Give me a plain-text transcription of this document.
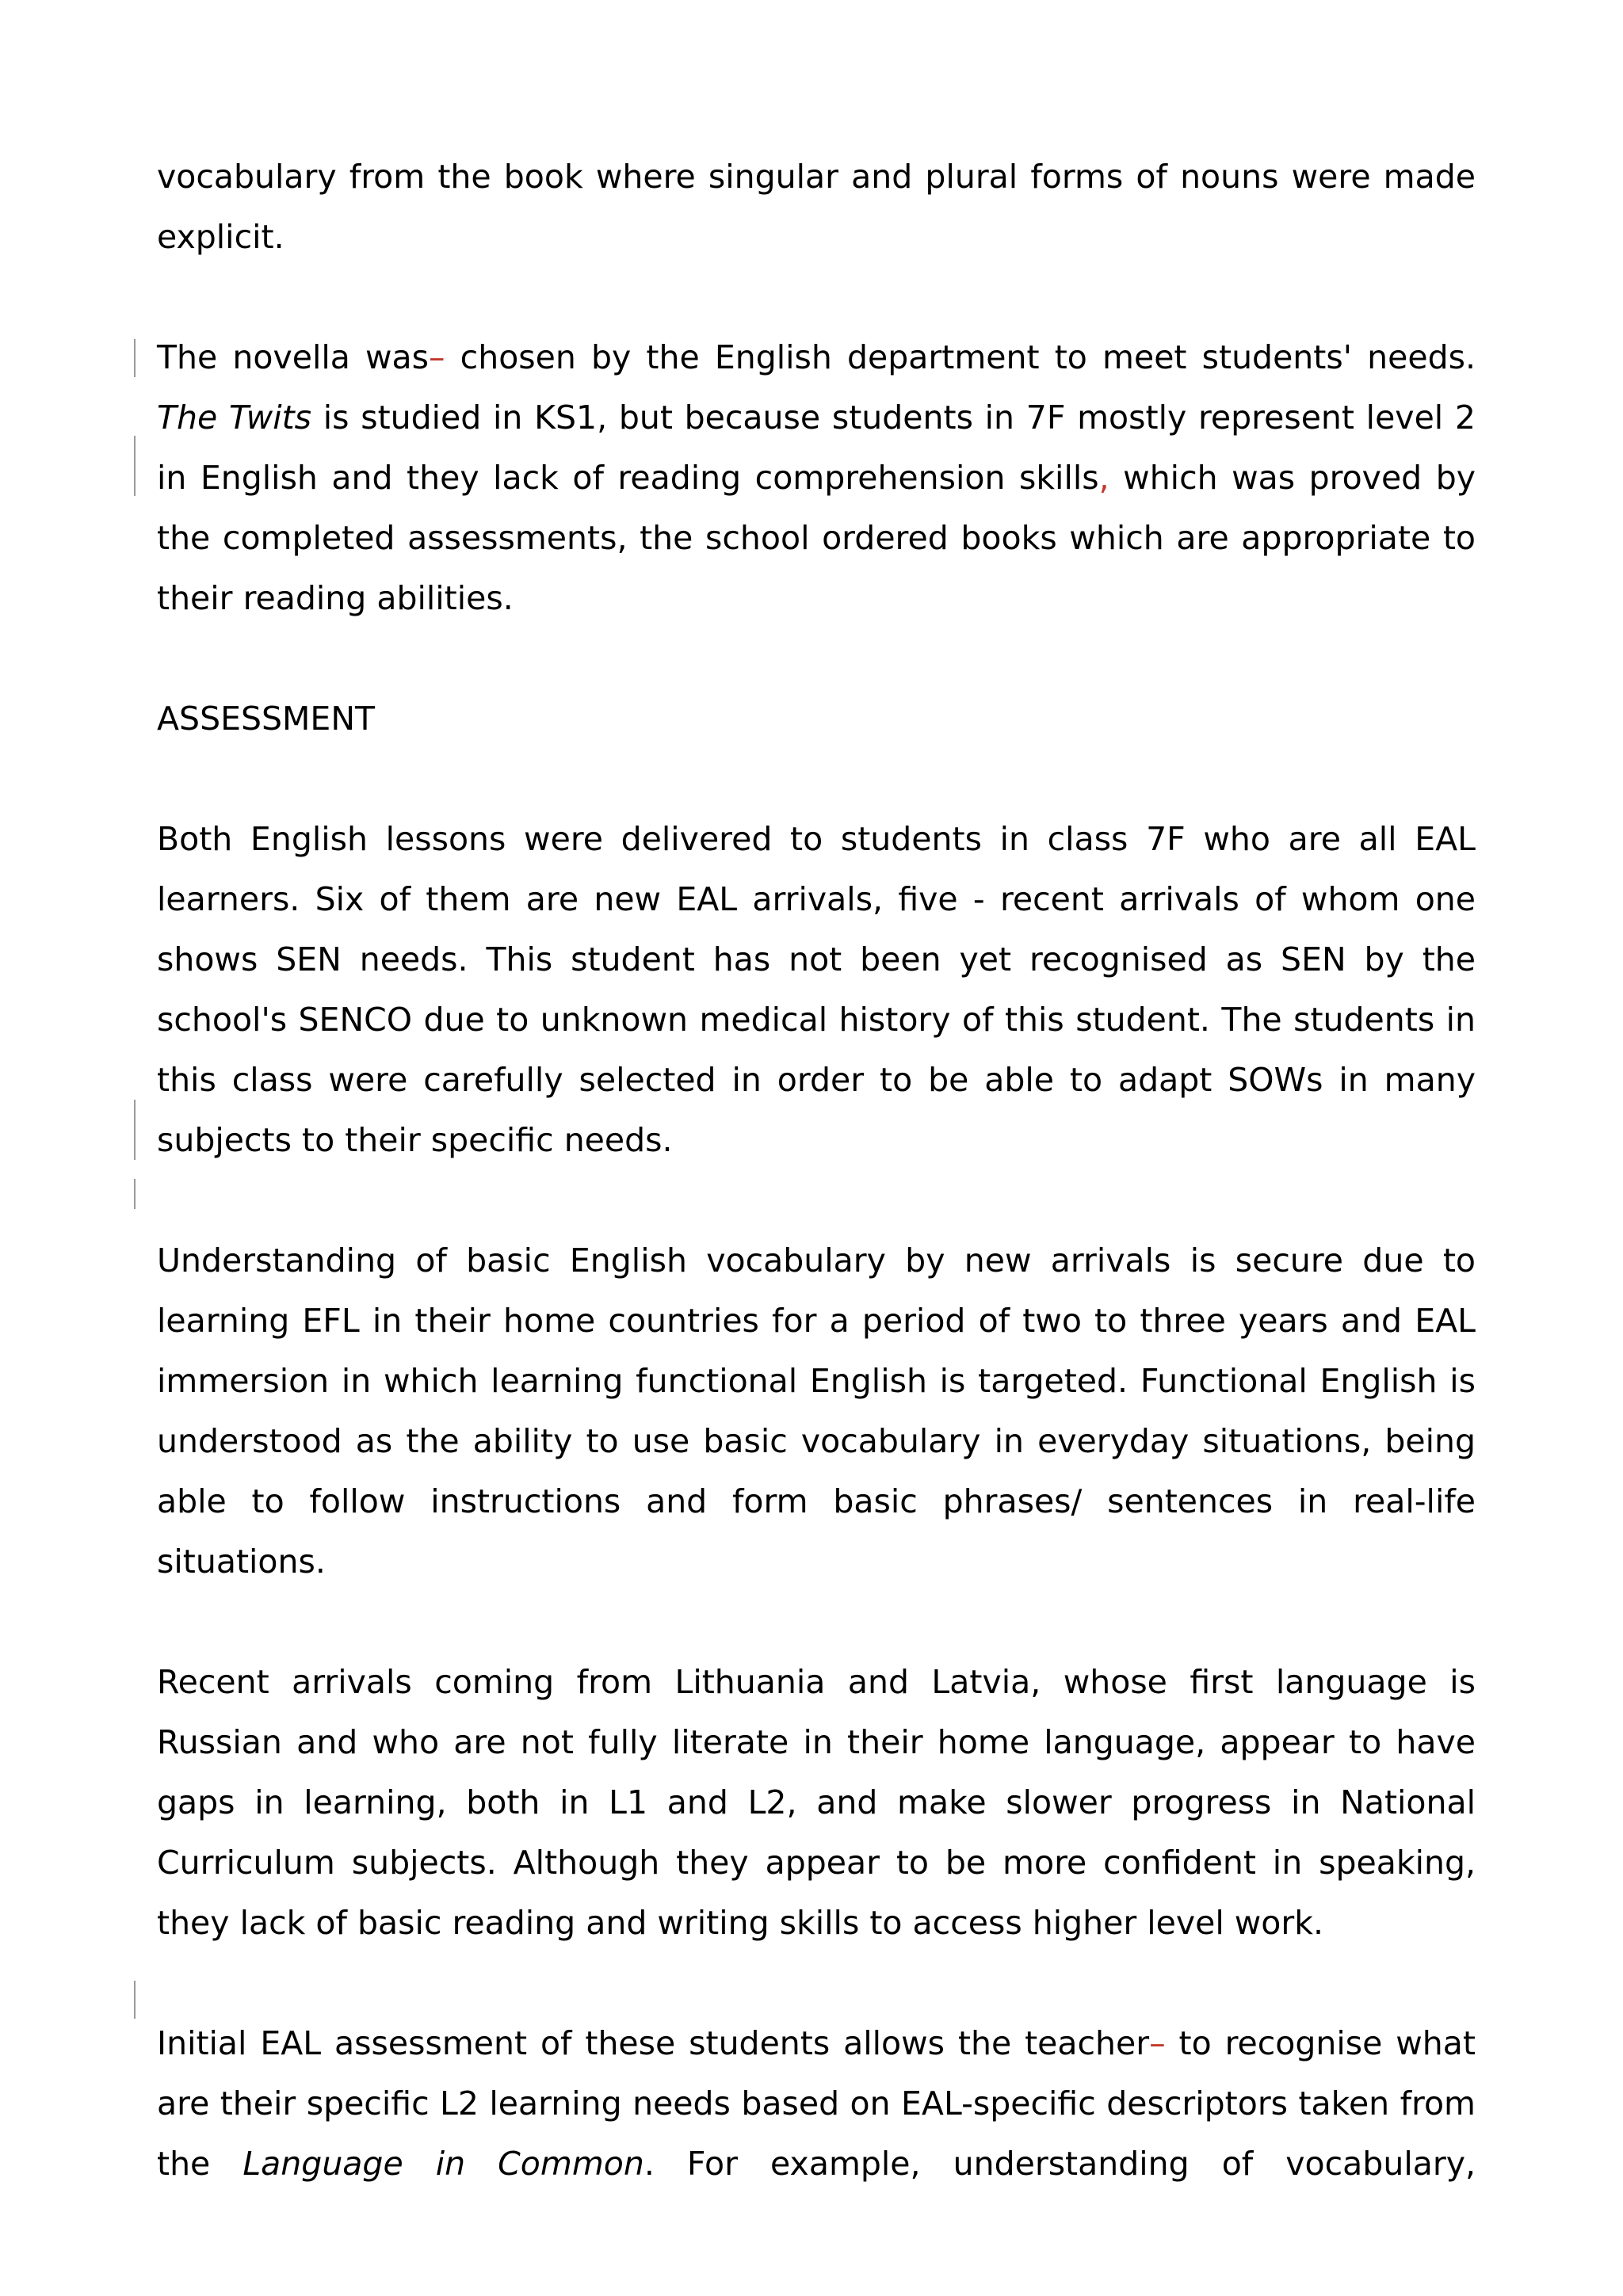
vocabulary from the book where singular and plural forms of nouns were made explicit.

The novella was– chosen by the English department to meet students' needs. The Twits is studied in KS1, but because students in 7F mostly represent level 2 in English and they lack of reading comprehension skills, which was proved by the completed assessments, the school ordered books which are appropriate to their reading abilities.

ASSESSMENT

Both English lessons were delivered to students in class 7F who are all EAL learners. Six of them are new EAL arrivals, five - recent arrivals of whom one shows SEN needs. This student has not been yet recognised as SEN by the school's SENCO due to unknown medical history of this student. The students in this class were carefully selected in order to be able to adapt SOWs in many subjects to their specific needs.

Understanding of basic English vocabulary by new arrivals is secure due to learning EFL in their home countries for a period of two to three years and EAL immersion in which learning functional English is targeted. Functional English is understood as the ability to use basic vocabulary in everyday situations, being able to follow instructions and form basic phrases/ sentences in real-life situations.

Recent arrivals coming from Lithuania and Latvia, whose first language is Russian and who are not fully literate in their home language, appear to have gaps in learning, both in L1 and L2, and make slower progress in National Curriculum subjects. Although they appear to be more confident in speaking, they lack of basic reading and writing skills to access higher level work.

Initial EAL assessment of these students allows the teacher– to recognise what are their specific L2 learning needs based on EAL-specific descriptors taken from the Language in Common. For example, understanding of vocabulary,
